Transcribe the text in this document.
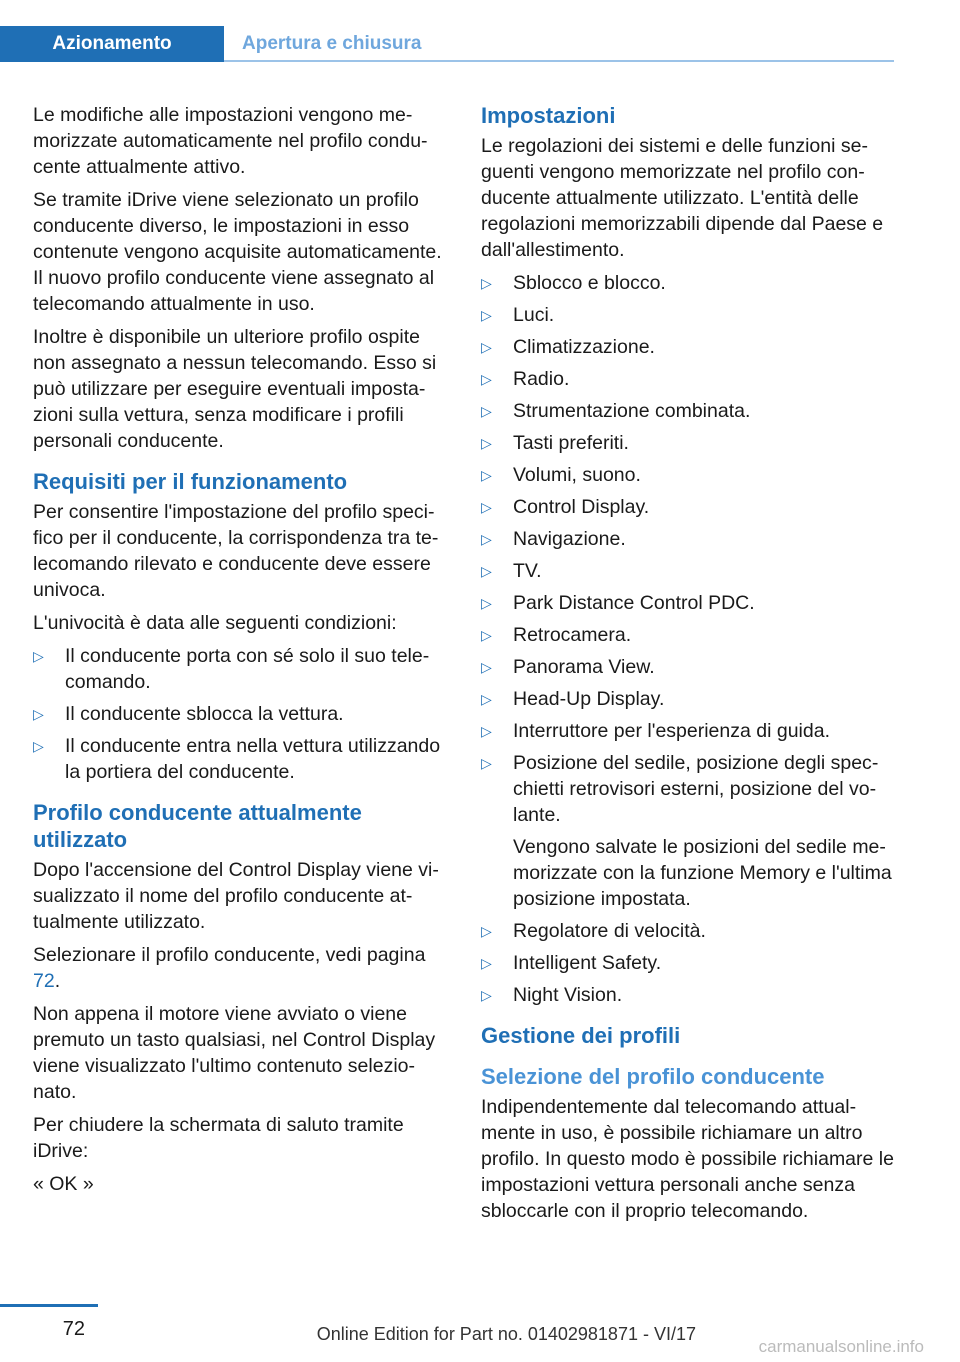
Azionamento	Apertura e chiusura

Le modifiche alle impostazioni vengono memorizzate automaticamente nel profilo conducente attualmente attivo.

Se tramite iDrive viene selezionato un profilo conducente diverso, le impostazioni in esso contenute vengono acquisite automaticamente. Il nuovo profilo conducente viene assegnato al telecomando attualmente in uso.

Inoltre è disponibile un ulteriore profilo ospite non assegnato a nessun telecomando. Esso si può utilizzare per eseguire eventuali impostazioni sulla vettura, senza modificare i profili personali conducente.

Requisiti per il funzionamento

Per consentire l'impostazione del profilo specifico per il conducente, la corrispondenza tra telecomando rilevato e conducente deve essere univoca.

L'univocità è data alle seguenti condizioni:

▷ Il conducente porta con sé solo il suo telecomando.
▷ Il conducente sblocca la vettura.
▷ Il conducente entra nella vettura utilizzando la portiera del conducente.
Profilo conducente attualmente utilizzato

Dopo l'accensione del Control Display viene visualizzato il nome del profilo conducente attualmente utilizzato.

Selezionare il profilo conducente, vedi pagina 72.

Non appena il motore viene avviato o viene premuto un tasto qualsiasi, nel Control Display viene visualizzato l'ultimo contenuto selezionato.

Per chiudere la schermata di saluto tramite iDrive:

« OK »

Impostazioni

Le regolazioni dei sistemi e delle funzioni seguenti vengono memorizzate nel profilo conducente attualmente utilizzato. L'entità delle regolazioni memorizzabili dipende dal Paese e dall'allestimento.

▷ Sblocco e blocco.
▷ Luci.
▷ Climatizzazione.
▷ Radio.
▷ Strumentazione combinata.
▷ Tasti preferiti.
▷ Volumi, suono.
▷ Control Display.
▷ Navigazione.
▷ TV.
▷ Park Distance Control PDC.
▷ Retrocamera.
▷ Panorama View.
▷ Head-Up Display.
▷ Interruttore per l'esperienza di guida.
▷ Posizione del sedile, posizione degli specchietti retrovisori esterni, posizione del volante.
Vengono salvate le posizioni del sedile memorizzate con la funzione Memory e l'ultima posizione impostata.
▷ Regolatore di velocità.
▷ Intelligent Safety.
▷ Night Vision.
Gestione dei profili
Selezione del profilo conducente

Indipendentemente dal telecomando attualmente in uso, è possibile richiamare un altro profilo. In questo modo è possibile richiamare le impostazioni vettura personali anche senza sbloccarle con il proprio telecomando.

72	Online Edition for Part no. 01402981871 - VI/17
carmanualsonline.info
